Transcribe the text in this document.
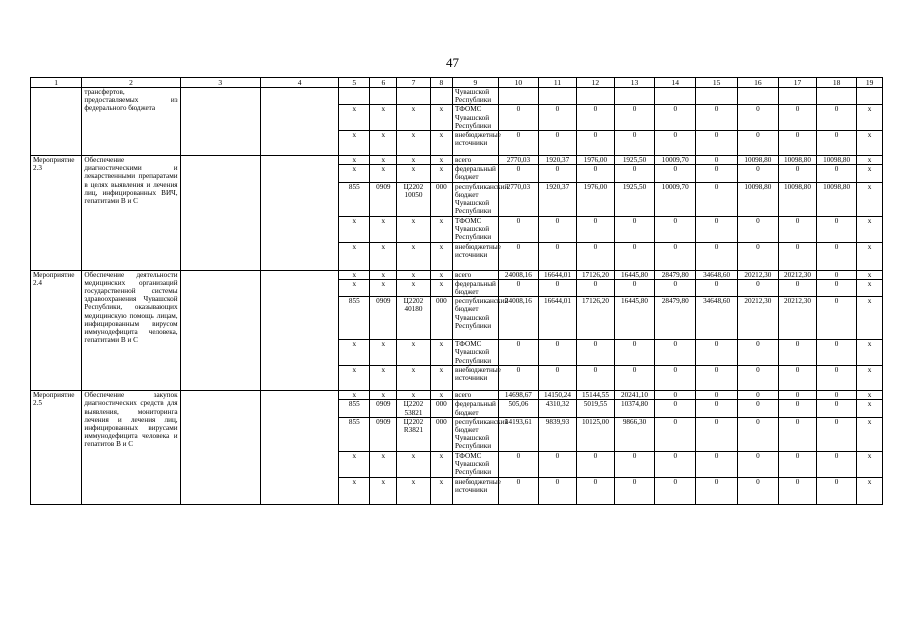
47
1	2	3	4	5	6	7	8	9	10	11	12	13	14	15	16	17	18	19
	трансфертов, предоставляемых из федерального бюджета							Чувашской Республики										
				х	х	х	х	ТФОМС Чувашской Республики	0	0	0	0	0	0	0	0	0	х
				х	х	х	х	внебюджетные источники	0	0	0	0	0	0	0	0	0	х
Мероприятие 2.3	Обеспечение диагностическими и лекарственными препаратами в целях выявления и лечения лиц, инфицированных ВИЧ, гепатитами В и С			х	х	х	х	всего	2770,03	1920,37	1976,00	1925,50	10009,70	0	10098,80	10098,80	10098,80	х
				х	х	х	х	федеральный бюджет	0	0	0	0	0	0	0	0	0	х
				855	0909	Ц2202 10050	000	республиканский бюджет Чувашской Республики	2770,03	1920,37	1976,00	1925,50	10009,70	0	10098,80	10098,80	10098,80	х
				х	х	х	х	ТФОМС Чувашской Республики	0	0	0	0	0	0	0	0	0	х
				х	х	х	х	внебюджетные источники	0	0	0	0	0	0	0	0	0	х
Мероприятие 2.4	Обеспечение деятельности медицинских организаций государственной системы здравоохранения Чувашской Республики, оказывающих медицинскую помощь лицам, инфицированным вирусом иммунодефицита человека, гепатитами В и С			х	х	х	х	всего	24008,16	16644,01	17126,20	16445,80	28479,80	34648,60	20212,30	20212,30	0	х
				х	х	х	х	федеральный бюджет	0	0	0	0	0	0	0	0	0	х
				855	0909	Ц2202 40180	000	республиканский бюджет Чувашской Республики	24008,16	16644,01	17126,20	16445,80	28479,80	34648,60	20212,30	20212,30	0	х
				х	х	х	х	ТФОМС Чувашской Республики	0	0	0	0	0	0	0	0	0	х
				х	х	х	х	внебюджетные источники	0	0	0	0	0	0	0	0	0	х
Мероприятие 2.5	Обеспечение закупок диагностических средств для выявления, мониторинга лечения и лечения лиц, инфицированных вирусами иммунодефицита человека и гепатитов В и С			х	х	х	х	всего	14698,67	14150,24	15144,55	20241,10	0	0	0	0	0	х
				855	0909	Ц2202 53821	000	федеральный бюджет	505,06	4310,32	5019,55	10374,80	0	0	0	0	0	х
				855	0909	Ц2202 R3821	000	республиканский бюджет Чувашской Республики	14193,61	9839,93	10125,00	9866,30	0	0	0	0	0	х
				х	х	х	х	ТФОМС Чувашской Республики	0	0	0	0	0	0	0	0	0	х
				х	х	х	х	внебюджетные источники	0	0	0	0	0	0	0	0	0	х
